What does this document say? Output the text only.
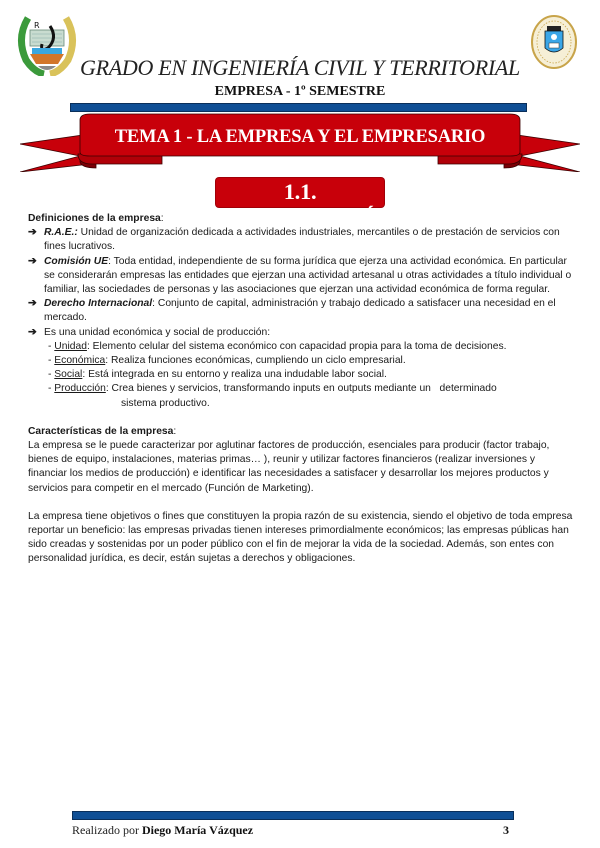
R
GRADO EN INGENIERÍA CIVIL Y TERRITORIAL
EMPRESA - 1º SEMESTRE
TEMA 1 - LA EMPRESA Y EL EMPRESARIO
1.1. INTRODUCCIÓN

Definiciones de la empresa:

➔ R.A.E.: Unidad de organización dedicada a actividades industriales, mercantiles o de prestación de servicios con fines lucrativos.

➔ Comisión UE: Toda entidad, independiente de su forma jurídica que ejerza una actividad económica. En particular se considerarán empresas las entidades que ejerzan una actividad artesanal u otras actividades a título individual o familiar, las sociedades de personas y las asociaciones que ejerzan una actividad económica de forma regular.

➔ Derecho Internacional: Conjunto de capital, administración y trabajo dedicado a satisfacer una necesidad en el mercado.

➔ Es una unidad económica y social de producción:

- Unidad: Elemento celular del sistema económico con capacidad propia para la toma de decisiones.

- Económica: Realiza funciones económicas, cumpliendo un ciclo empresarial.

- Social: Está integrada en su entorno y realiza una indudable labor social.

- Producción: Crea bienes y servicios, transformando inputs en outputs mediante un   determinado

sistema productivo.

Características de la empresa:

La empresa se le puede caracterizar por aglutinar factores de producción, esenciales para producir (factor trabajo, bienes de equipo, instalaciones, materias primas… ), reunir y utilizar factores financieros (realizar inversiones y financiar los medios de producción) e identificar las necesidades a satisfacer y desarrollar los mejores productos y servicios para competir en el mercado (Función de Marketing).

La empresa tiene objetivos o fines que constituyen la propia razón de su existencia, siendo el objetivo de toda empresa reportar un beneficio: las empresas privadas tienen intereses primordialmente económicos; las empresas públicas han sido creadas y sostenidas por un poder público con el fin de mejorar la vida de la sociedad. Además, son entes con personalidad jurídica, es decir, están sujetas a derechos y obligaciones.

Realizado por Diego María Vázquez	3
